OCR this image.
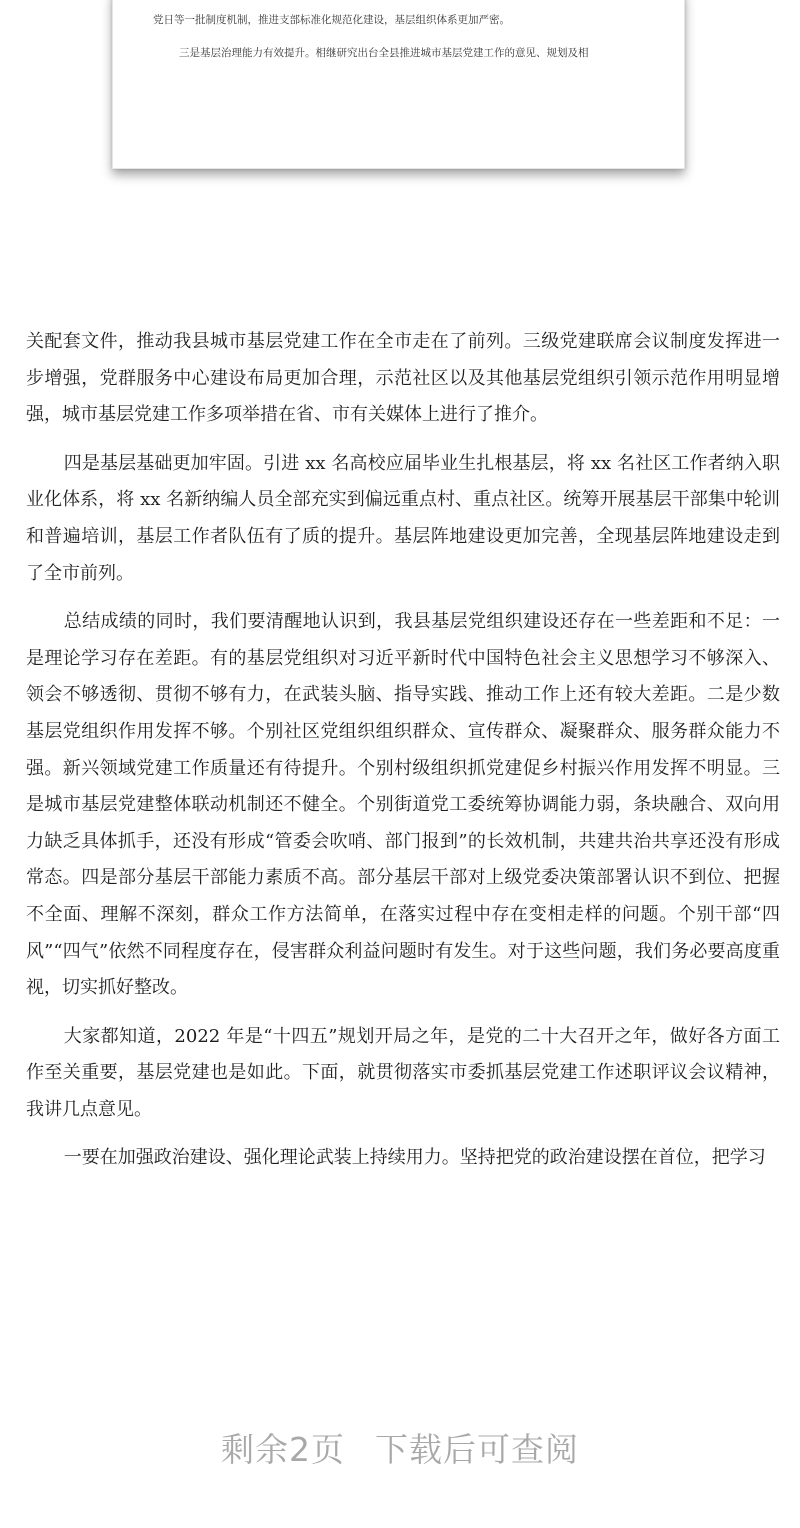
党日等一批制度机制，推进支部标准化规范化建设，基层组织体系更加严密。

三是基层治理能力有效提升。相继研究出台全县推进城市基层党建工作的意见、规划及相

关配套文件，推动我县城市基层党建工作在全市走在了前列。三级党建联席会议制度发挥进一步增强，党群服务中心建设布局更加合理，示范社区以及其他基层党组织引领示范作用明显增强，城市基层党建工作多项举措在省、市有关媒体上进行了推介。

四是基层基础更加牢固。引进 xx 名高校应届毕业生扎根基层，将 xx 名社区工作者纳入职业化体系，将 xx 名新纳编人员全部充实到偏远重点村、重点社区。统筹开展基层干部集中轮训和普遍培训，基层工作者队伍有了质的提升。基层阵地建设更加完善，全现基层阵地建设走到了全市前列。

总结成绩的同时，我们要清醒地认识到，我县基层党组织建设还存在一些差距和不足：一是理论学习存在差距。有的基层党组织对习近平新时代中国特色社会主义思想学习不够深入、领会不够透彻、贯彻不够有力，在武装头脑、指导实践、推动工作上还有较大差距。二是少数基层党组织作用发挥不够。个别社区党组织组织群众、宣传群众、凝聚群众、服务群众能力不强。新兴领域党建工作质量还有待提升。个别村级组织抓党建促乡村振兴作用发挥不明显。三是城市基层党建整体联动机制还不健全。个别街道党工委统筹协调能力弱，条块融合、双向用力缺乏具体抓手，还没有形成“管委会吹哨、部门报到”的长效机制，共建共治共享还没有形成常态。四是部分基层干部能力素质不高。部分基层干部对上级党委决策部署认识不到位、把握不全面、理解不深刻，群众工作方法简单，在落实过程中存在变相走样的问题。个别干部“四风”“四气”依然不同程度存在，侵害群众利益问题时有发生。对于这些问题，我们务必要高度重视，切实抓好整改。

大家都知道，2022 年是“十四五”规划开局之年，是党的二十大召开之年，做好各方面工作至关重要，基层党建也是如此。下面，就贯彻落实市委抓基层党建工作述职评议会议精神，我讲几点意见。

一要在加强政治建设、强化理论武装上持续用力。坚持把党的政治建设摆在首位，把学习

剩余2页 下载后可查阅
